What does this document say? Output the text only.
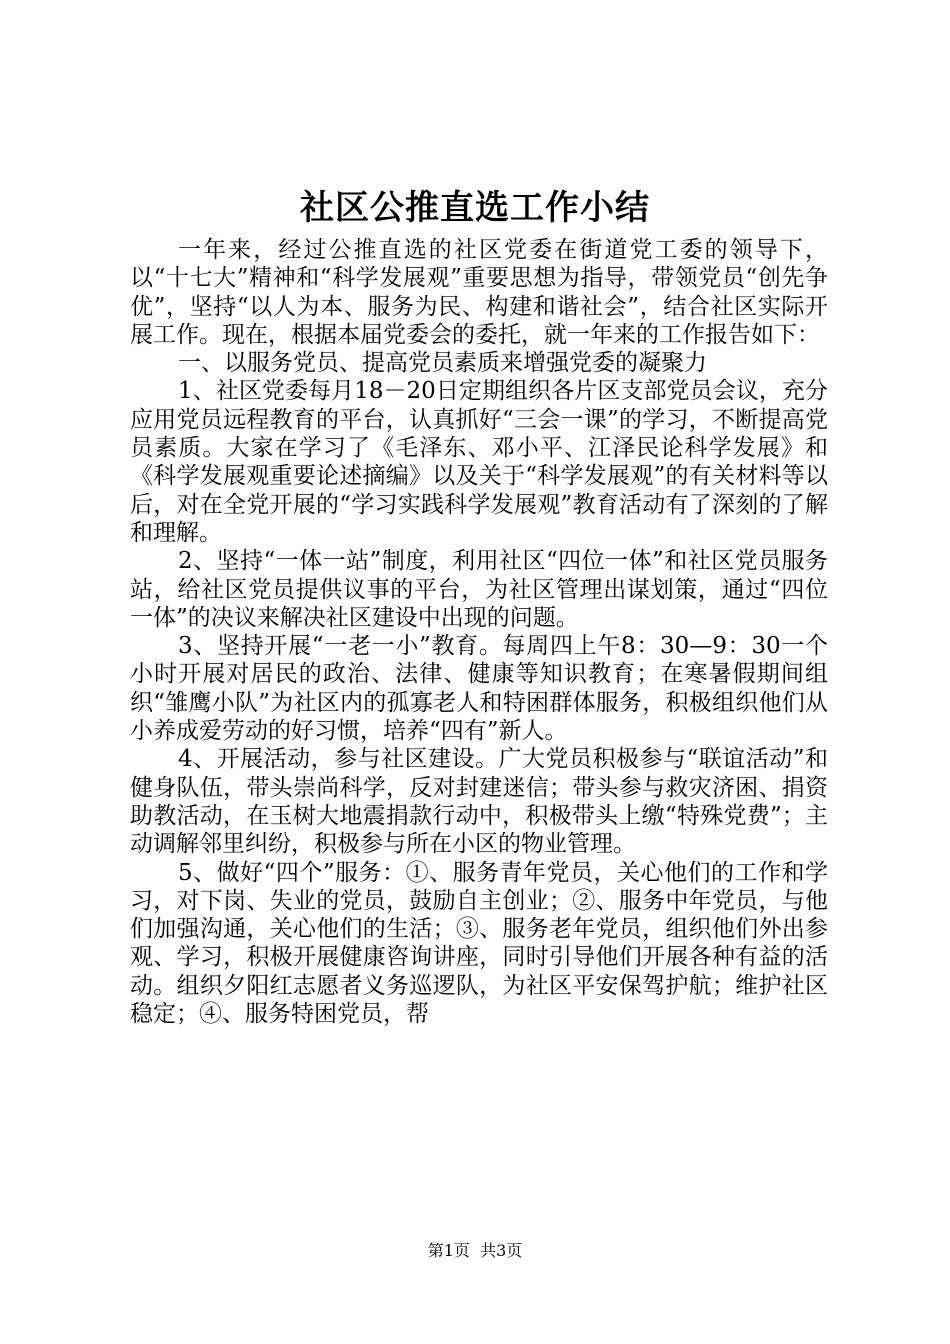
社区公推直选工作小结

一年来，经过公推直选的社区党委在街道党工委的领导下，以“十七大”精神和“科学发展观”重要思想为指导，带领党员“创先争优”，坚持“以人为本、服务为民、构建和谐社会”，结合社区实际开展工作。现在，根据本届党委会的委托，就一年来的工作报告如下：

一、以服务党员、提高党员素质来增强党委的凝聚力

1、社区党委每月18－20日定期组织各片区支部党员会议，充分应用党员远程教育的平台，认真抓好“三会一课”的学习，不断提高党员素质。大家在学习了《毛泽东、邓小平、江泽民论科学发展》和《科学发展观重要论述摘编》以及关于“科学发展观”的有关材料等以后，对在全党开展的“学习实践科学发展观”教育活动有了深刻的了解和理解。

2、坚持“一体一站”制度，利用社区“四位一体”和社区党员服务站，给社区党员提供议事的平台，为社区管理出谋划策，通过“四位一体”的决议来解决社区建设中出现的问题。

3、坚持开展“一老一小”教育。每周四上午8：30—9：30一个小时开展对居民的政治、法律、健康等知识教育；在寒暑假期间组织“雏鹰小队”为社区内的孤寡老人和特困群体服务，积极组织他们从小养成爱劳动的好习惯，培养“四有”新人。

4、开展活动，参与社区建设。广大党员积极参与“联谊活动”和健身队伍，带头崇尚科学，反对封建迷信；带头参与救灾济困、捐资助教活动，在玉树大地震捐款行动中，积极带头上缴“特殊党费”；主动调解邻里纠纷，积极参与所在小区的物业管理。

5、做好“四个”服务：①、服务青年党员，关心他们的工作和学习，对下岗、失业的党员，鼓励自主创业；②、服务中年党员，与他们加强沟通，关心他们的生活；③、服务老年党员，组织他们外出参观、学习，积极开展健康咨询讲座，同时引导他们开展各种有益的活动。组织夕阳红志愿者义务巡逻队，为社区平安保驾护航；维护社区稳定；④、服务特困党员，帮

第1页 共3页
